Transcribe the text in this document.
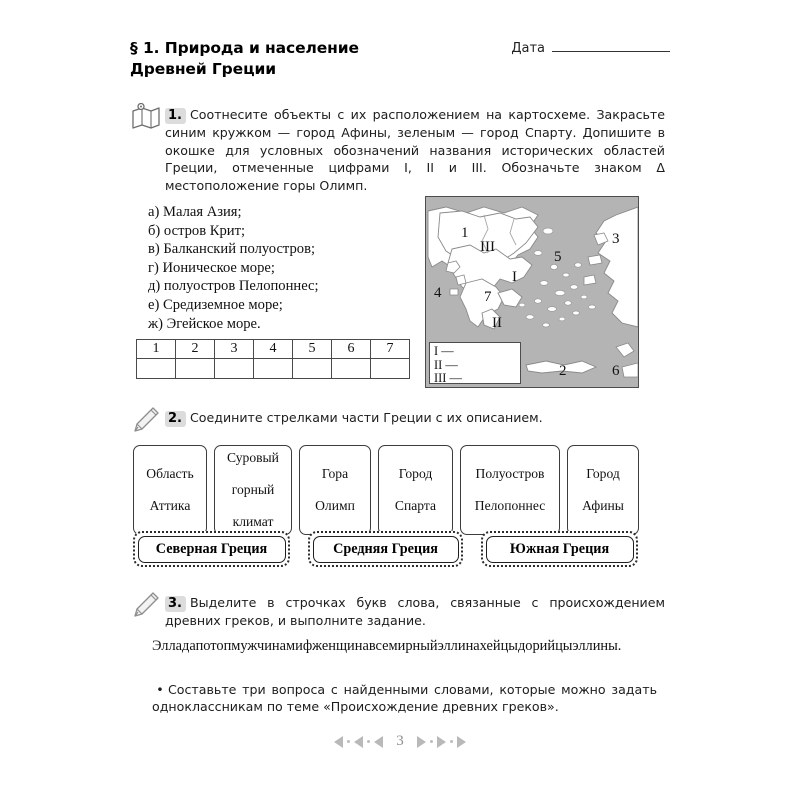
§ 1. Природа и население
Древней Греции
Дата
1. Соотнесите объекты с их расположением на картосхеме. Закрасьте синим кружком — город Афины, зеленым — город Спарту. Допишите в окошке для условных обозначений названия исторических областей Греции, отмеченные цифрами I, II и III. Обозначьте знаком Δ местоположение горы Олимп.
а) Малая Азия;
б) остров Крит;
в) Балканский полуостров;
г) Ионическое море;
д) полуостров Пелопоннес;
е) Средиземное море;
ж) Эгейское море.
1	2	3	4	5	6	7

1
2
3
4
5
6
7
I
II
III
I —
II —
III —
2. Соедините стрелками части Греции с их описанием.
Область

Аттика
Суровый

горный

климат
Гора

Олимп
Город

Спарта
Полуостров

Пелопоннес
Город

Афины
Северная Греция	Средняя Греция	Южная Греция
3. Выделите в строчках букв слова, связанные с происхождением древних греков, и выполните задание.
Элладапотопмужчинамифженщинавсемирныйэллинахейцыдорийцыэллины.
• Составьте три вопроса с найденными словами, которые можно задать одноклассникам по теме «Происхождение древних греков».
3
